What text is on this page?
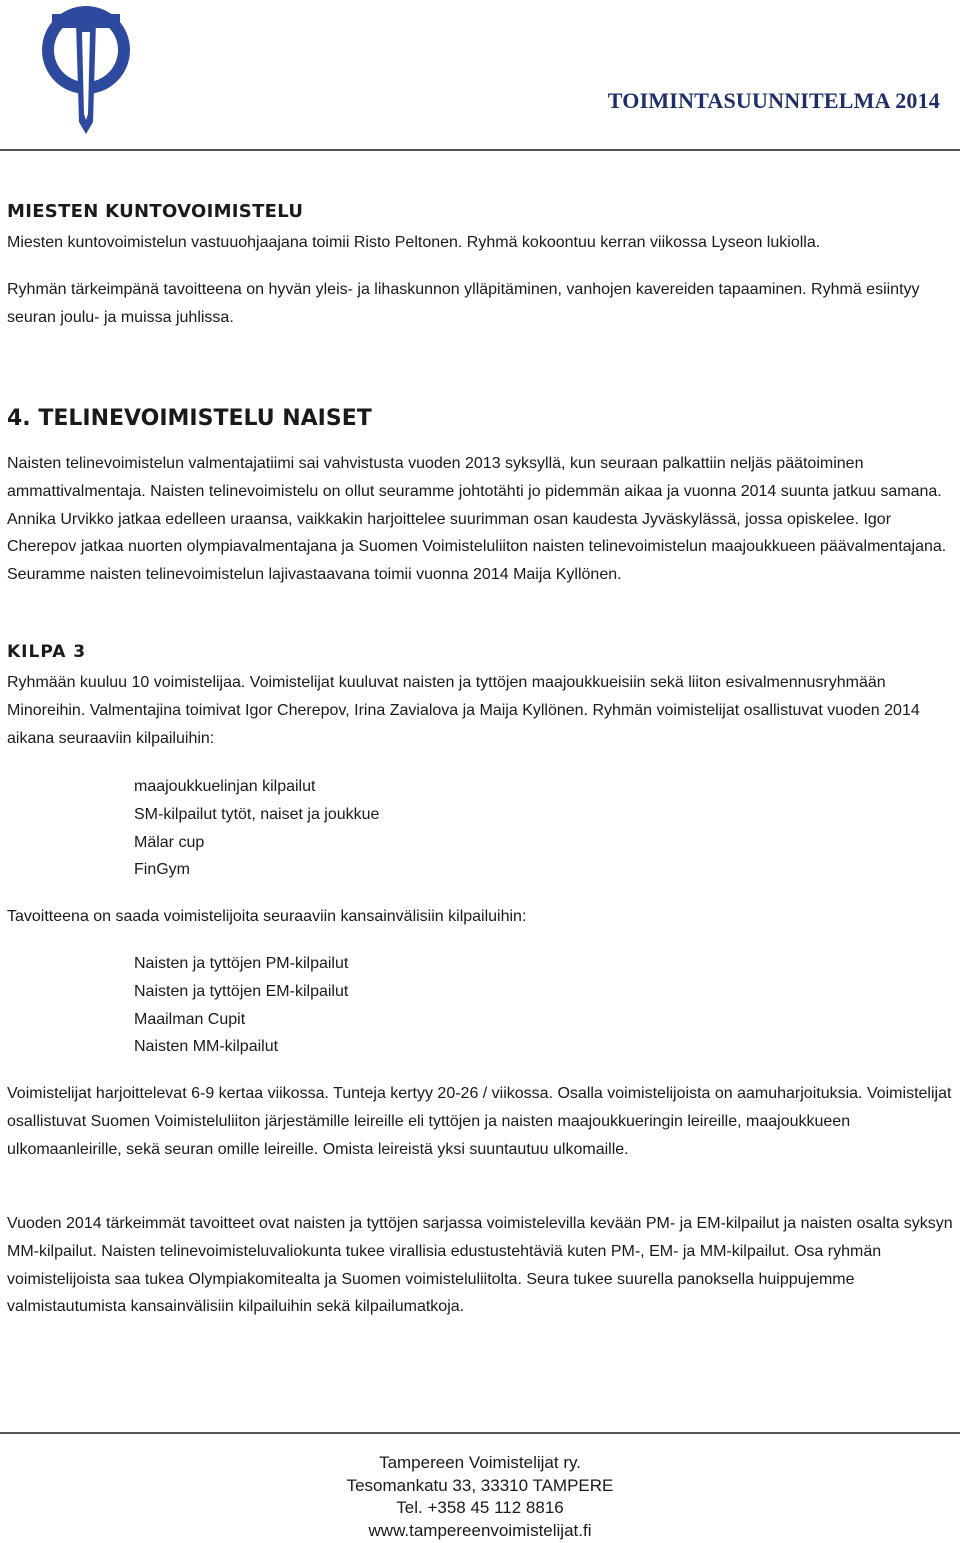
TOIMINTASUUNNITELMA 2014
MIESTEN KUNTOVOIMISTELU

Miesten kuntovoimistelun vastuuohjaajana toimii Risto Peltonen. Ryhmä kokoontuu kerran viikossa Lyseon lukiolla.

Ryhmän tärkeimpänä tavoitteena on hyvän yleis- ja lihaskunnon ylläpitäminen, vanhojen kavereiden tapaaminen. Ryhmä esiintyy seuran joulu- ja muissa juhlissa.

4. TELINEVOIMISTELU NAISET

Naisten telinevoimistelun valmentajatiimi sai vahvistusta vuoden 2013 syksyllä, kun seuraan palkattiin neljäs päätoiminen ammattivalmentaja. Naisten telinevoimistelu on ollut seuramme johtotähti jo pidemmän aikaa ja vuonna 2014 suunta jatkuu samana. Annika Urvikko jatkaa edelleen uraansa, vaikkakin harjoittelee suurimman osan kaudesta Jyväskylässä, jossa opiskelee. Igor Cherepov jatkaa nuorten olympiavalmentajana ja Suomen Voimisteluliiton naisten telinevoimistelun maajoukkueen päävalmentajana. Seuramme naisten telinevoimistelun lajivastaavana toimii vuonna 2014 Maija Kyllönen.

KILPA 3

Ryhmään kuuluu 10 voimistelijaa. Voimistelijat kuuluvat naisten ja tyttöjen maajoukkueisiin sekä liiton esivalmennusryhmään Minoreihin. Valmentajina toimivat Igor Cherepov, Irina Zavialova ja Maija Kyllönen. Ryhmän voimistelijat osallistuvat vuoden 2014 aikana seuraaviin kilpailuihin:

maajoukkuelinjan kilpailut
SM-kilpailut tytöt, naiset ja joukkue
Mälar cup
FinGym

Tavoitteena on saada voimistelijoita seuraaviin kansainvälisiin kilpailuihin:

Naisten ja tyttöjen PM-kilpailut
Naisten ja tyttöjen EM-kilpailut
Maailman Cupit
Naisten MM-kilpailut

Voimistelijat harjoittelevat 6-9 kertaa viikossa. Tunteja kertyy 20-26 / viikossa. Osalla voimistelijoista on aamuharjoituksia. Voimistelijat osallistuvat Suomen Voimisteluliiton järjestämille leireille eli tyttöjen ja naisten maajoukkueringin leireille, maajoukkueen ulkomaanleirille, sekä seuran omille leireille. Omista leireistä yksi suuntautuu ulkomaille.

Vuoden 2014 tärkeimmät tavoitteet ovat naisten ja tyttöjen sarjassa voimistelevilla kevään PM- ja EM-kilpailut ja naisten osalta syksyn MM-kilpailut. Naisten telinevoimisteluvaliokunta tukee virallisia edustustehtäviä kuten PM-, EM- ja MM-kilpailut. Osa ryhmän voimistelijoista saa tukea Olympiakomitealta ja Suomen voimisteluliitolta. Seura tukee suurella panoksella huippujemme valmistautumista kansainvälisiin kilpailuihin sekä kilpailumatkoja.

Tampereen Voimistelijat ry.
Tesomankatu 33, 33310 TAMPERE
Tel. +358 45 112 8816
www.tampereenvoimistelijat.fi
